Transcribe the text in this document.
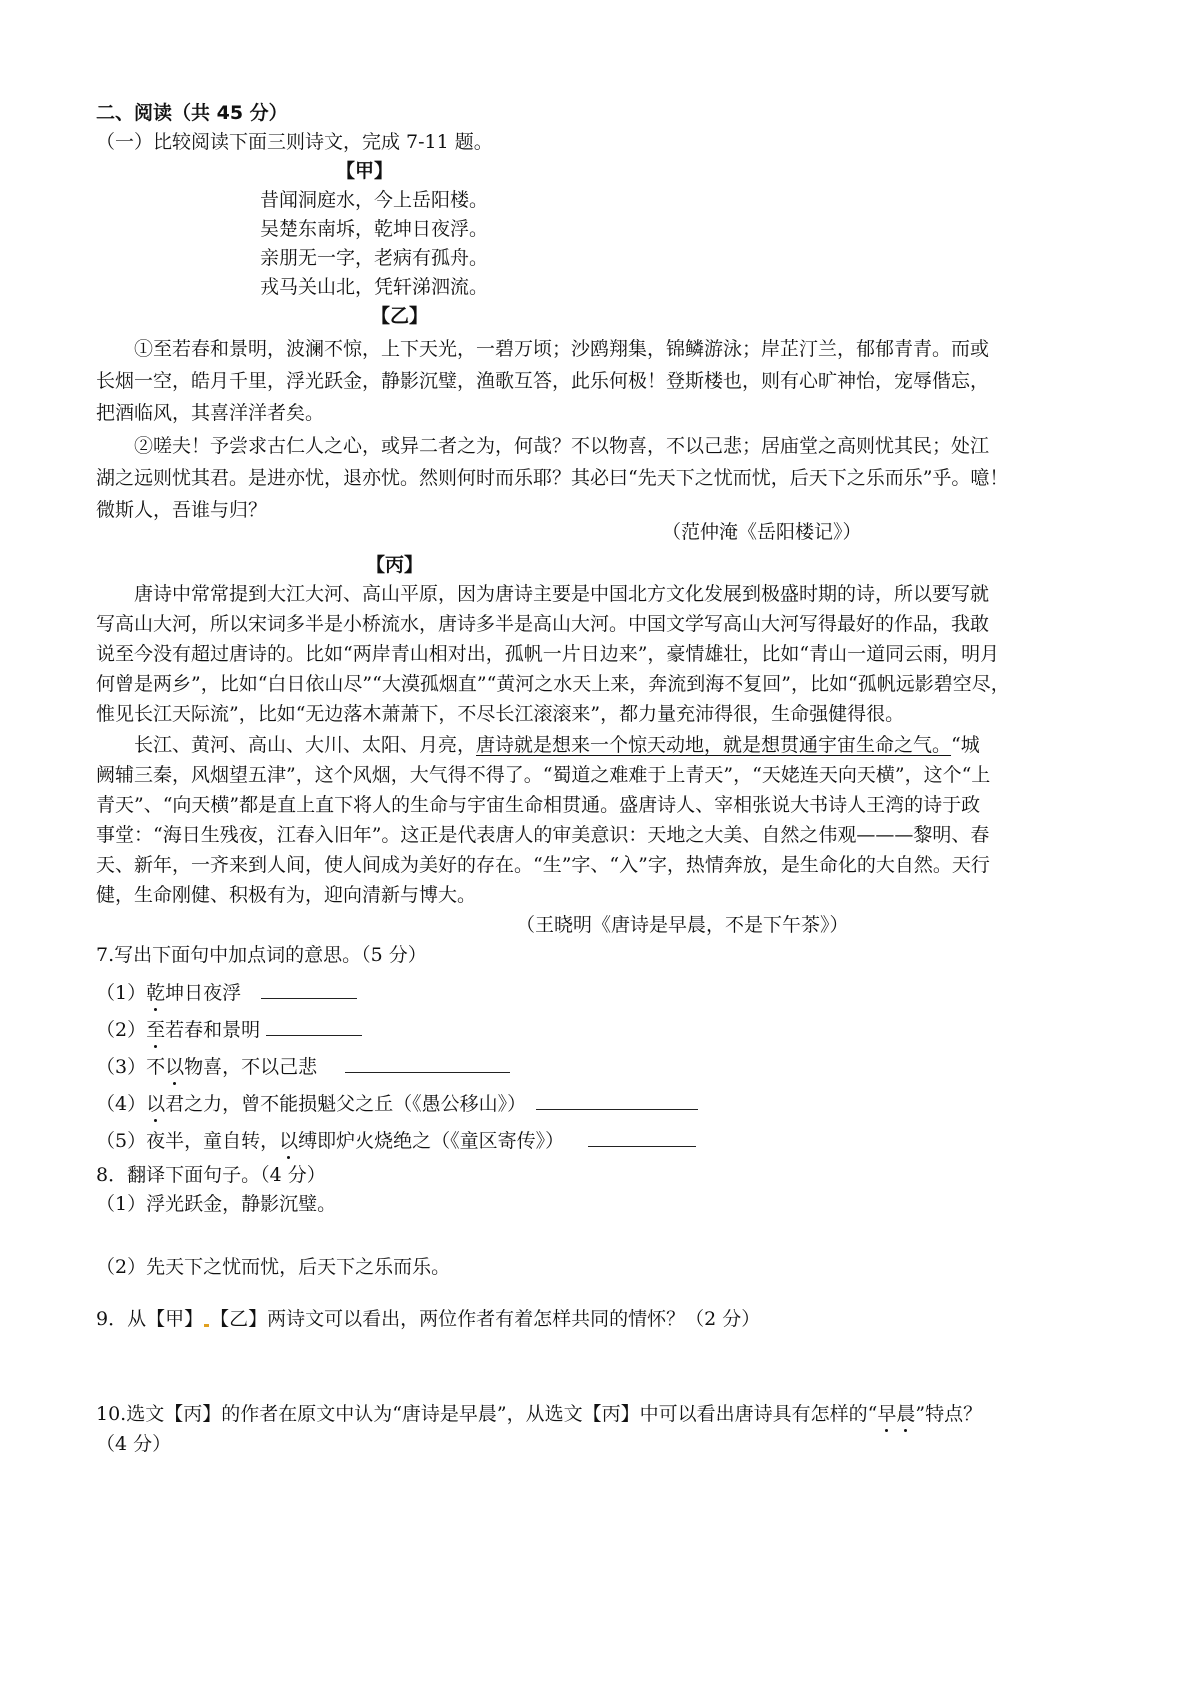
二、阅读（共 45 分）
（一）比较阅读下面三则诗文，完成 7-11 题。
【甲】
昔闻洞庭水，今上岳阳楼。
吴楚东南坼，乾坤日夜浮。
亲朋无一字，老病有孤舟。
戎马关山北，凭轩涕泗流。
【乙】
①至若春和景明，波澜不惊，上下天光，一碧万顷；沙鸥翔集，锦鳞游泳；岸芷汀兰，郁郁青青。而或
长烟一空，皓月千里，浮光跃金，静影沉璧，渔歌互答，此乐何极！登斯楼也，则有心旷神怡，宠辱偕忘，
把酒临风，其喜洋洋者矣。
②嗟夫！予尝求古仁人之心，或异二者之为，何哉？不以物喜，不以己悲；居庙堂之高则忧其民；处江
湖之远则忧其君。是进亦忧，退亦忧。然则何时而乐耶？其必曰“先天下之忧而忧，后天下之乐而乐”乎。噫！
微斯人，吾谁与归？
（范仲淹《岳阳楼记》）
【丙】
唐诗中常常提到大江大河、高山平原，因为唐诗主要是中国北方文化发展到极盛时期的诗，所以要写就
写高山大河，所以宋词多半是小桥流水，唐诗多半是高山大河。中国文学写高山大河写得最好的作品，我敢
说至今没有超过唐诗的。比如“两岸青山相对出，孤帆一片日边来”，豪情雄壮，比如“青山一道同云雨，明月
何曾是两乡”，比如“白日依山尽”“大漠孤烟直”“黄河之水天上来，奔流到海不复回”，比如“孤帆远影碧空尽，
惟见长江天际流”，比如“无边落木萧萧下，不尽长江滚滚来”，都力量充沛得很，生命强健得很。
长江、黄河、高山、大川、太阳、月亮，唐诗就是想来一个惊天动地，就是想贯通宇宙生命之气。“城
阙辅三秦，风烟望五津”，这个风烟，大气得不得了。“蜀道之难难于上青天”，“天姥连天向天横”，这个“上
青天”、“向天横”都是直上直下将人的生命与宇宙生命相贯通。盛唐诗人、宰相张说大书诗人王湾的诗于政
事堂：“海日生残夜，江春入旧年”。这正是代表唐人的审美意识：天地之大美、自然之伟观———黎明、春
天、新年，一齐来到人间，使人间成为美好的存在。“生”字、“入”字，热情奔放，是生命化的大自然。天行
健，生命刚健、积极有为，迎向清新与博大。
（王晓明《唐诗是早晨，不是下午茶》）
7.写出下面句中加点词的意思。（5 分）
（1）乾坤日夜浮
（2）至若春和景明
（3）不以物喜，不以己悲
（4）以君之力，曾不能损魁父之丘（《愚公移山》）
（5）夜半，童自转，以缚即炉火烧绝之（《童区寄传》）
8．翻译下面句子。（4 分）
（1）浮光跃金，静影沉璧。
（2）先天下之忧而忧，后天下之乐而乐。
9．从【甲】 【乙】两诗文可以看出，两位作者有着怎样共同的情怀？（2 分）
10.选文【丙】的作者在原文中认为“唐诗是早晨”，从选文【丙】中可以看出唐诗具有怎样的“早晨”特点？
（4 分）
